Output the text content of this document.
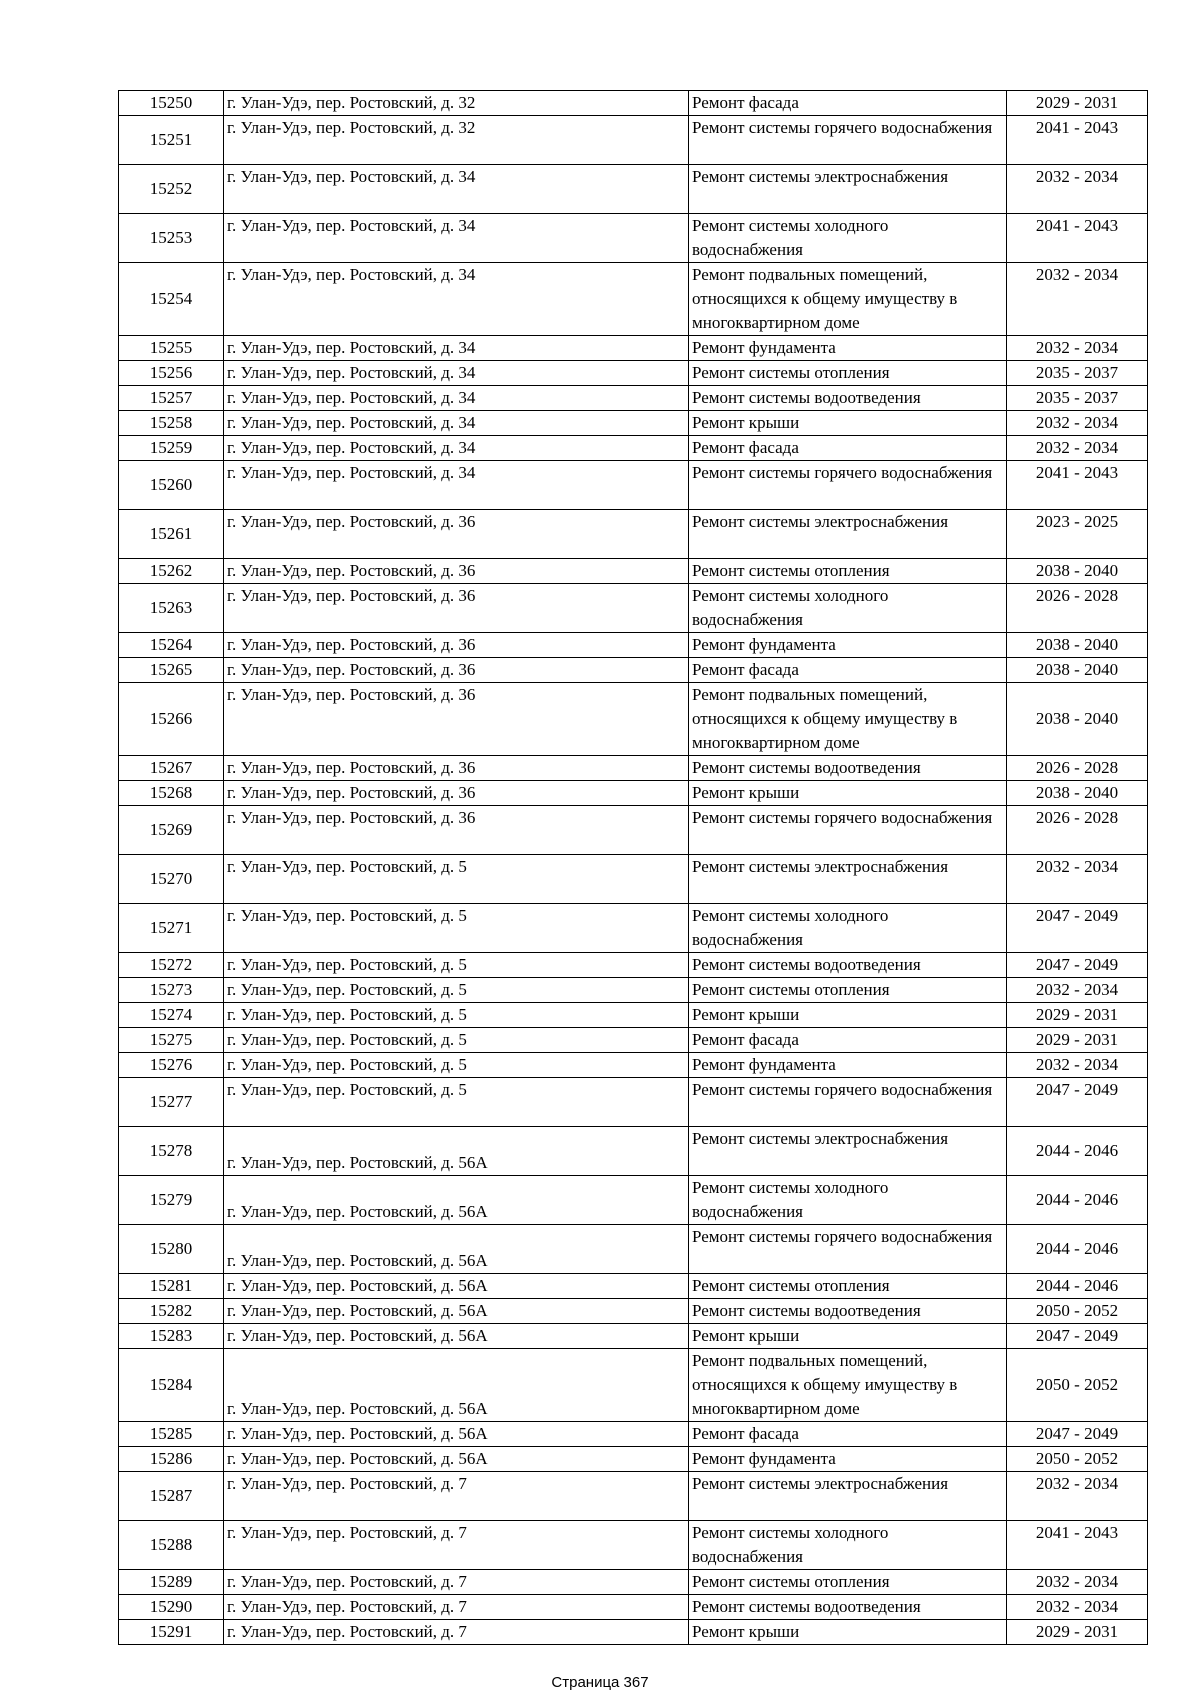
15250	г. Улан-Удэ, пер. Ростовский, д. 32	Ремонт фасада	2029 - 2031
15251	г. Улан-Удэ, пер. Ростовский, д. 32	Ремонт системы горячего водоснабжения	2041 - 2043
15252	г. Улан-Удэ, пер. Ростовский, д. 34	Ремонт системы электроснабжения	2032 - 2034
15253	г. Улан-Удэ, пер. Ростовский, д. 34	Ремонт системы холодного водоснабжения	2041 - 2043
15254	г. Улан-Удэ, пер. Ростовский, д. 34	Ремонт подвальных помещений, относящихся к общему имуществу в многоквартирном доме	2032 - 2034
15255	г. Улан-Удэ, пер. Ростовский, д. 34	Ремонт фундамента	2032 - 2034
15256	г. Улан-Удэ, пер. Ростовский, д. 34	Ремонт системы отопления	2035 - 2037
15257	г. Улан-Удэ, пер. Ростовский, д. 34	Ремонт системы водоотведения	2035 - 2037
15258	г. Улан-Удэ, пер. Ростовский, д. 34	Ремонт крыши	2032 - 2034
15259	г. Улан-Удэ, пер. Ростовский, д. 34	Ремонт фасада	2032 - 2034
15260	г. Улан-Удэ, пер. Ростовский, д. 34	Ремонт системы горячего водоснабжения	2041 - 2043
15261	г. Улан-Удэ, пер. Ростовский, д. 36	Ремонт системы электроснабжения	2023 - 2025
15262	г. Улан-Удэ, пер. Ростовский, д. 36	Ремонт системы отопления	2038 - 2040
15263	г. Улан-Удэ, пер. Ростовский, д. 36	Ремонт системы холодного водоснабжения	2026 - 2028
15264	г. Улан-Удэ, пер. Ростовский, д. 36	Ремонт фундамента	2038 - 2040
15265	г. Улан-Удэ, пер. Ростовский, д. 36	Ремонт фасада	2038 - 2040
15266	г. Улан-Удэ, пер. Ростовский, д. 36	Ремонт подвальных помещений, относящихся к общему имуществу в многоквартирном доме	2038 - 2040
15267	г. Улан-Удэ, пер. Ростовский, д. 36	Ремонт системы водоотведения	2026 - 2028
15268	г. Улан-Удэ, пер. Ростовский, д. 36	Ремонт крыши	2038 - 2040
15269	г. Улан-Удэ, пер. Ростовский, д. 36	Ремонт системы горячего водоснабжения	2026 - 2028
15270	г. Улан-Удэ, пер. Ростовский, д. 5	Ремонт системы электроснабжения	2032 - 2034
15271	г. Улан-Удэ, пер. Ростовский, д. 5	Ремонт системы холодного водоснабжения	2047 - 2049
15272	г. Улан-Удэ, пер. Ростовский, д. 5	Ремонт системы водоотведения	2047 - 2049
15273	г. Улан-Удэ, пер. Ростовский, д. 5	Ремонт системы отопления	2032 - 2034
15274	г. Улан-Удэ, пер. Ростовский, д. 5	Ремонт крыши	2029 - 2031
15275	г. Улан-Удэ, пер. Ростовский, д. 5	Ремонт фасада	2029 - 2031
15276	г. Улан-Удэ, пер. Ростовский, д. 5	Ремонт фундамента	2032 - 2034
15277	г. Улан-Удэ, пер. Ростовский, д. 5	Ремонт системы горячего водоснабжения	2047 - 2049
15278	г. Улан-Удэ, пер. Ростовский, д. 56А	Ремонт системы электроснабжения	2044 - 2046
15279	г. Улан-Удэ, пер. Ростовский, д. 56А	Ремонт системы холодного водоснабжения	2044 - 2046
15280	г. Улан-Удэ, пер. Ростовский, д. 56А	Ремонт системы горячего водоснабжения	2044 - 2046
15281	г. Улан-Удэ, пер. Ростовский, д. 56А	Ремонт системы отопления	2044 - 2046
15282	г. Улан-Удэ, пер. Ростовский, д. 56А	Ремонт системы водоотведения	2050 - 2052
15283	г. Улан-Удэ, пер. Ростовский, д. 56А	Ремонт крыши	2047 - 2049
15284	г. Улан-Удэ, пер. Ростовский, д. 56А	Ремонт подвальных помещений, относящихся к общему имуществу в многоквартирном доме	2050 - 2052
15285	г. Улан-Удэ, пер. Ростовский, д. 56А	Ремонт фасада	2047 - 2049
15286	г. Улан-Удэ, пер. Ростовский, д. 56А	Ремонт фундамента	2050 - 2052
15287	г. Улан-Удэ, пер. Ростовский, д. 7	Ремонт системы электроснабжения	2032 - 2034
15288	г. Улан-Удэ, пер. Ростовский, д. 7	Ремонт системы холодного водоснабжения	2041 - 2043
15289	г. Улан-Удэ, пер. Ростовский, д. 7	Ремонт системы отопления	2032 - 2034
15290	г. Улан-Удэ, пер. Ростовский, д. 7	Ремонт системы водоотведения	2032 - 2034
15291	г. Улан-Удэ, пер. Ростовский, д. 7	Ремонт крыши	2029 - 2031
Страница 367
